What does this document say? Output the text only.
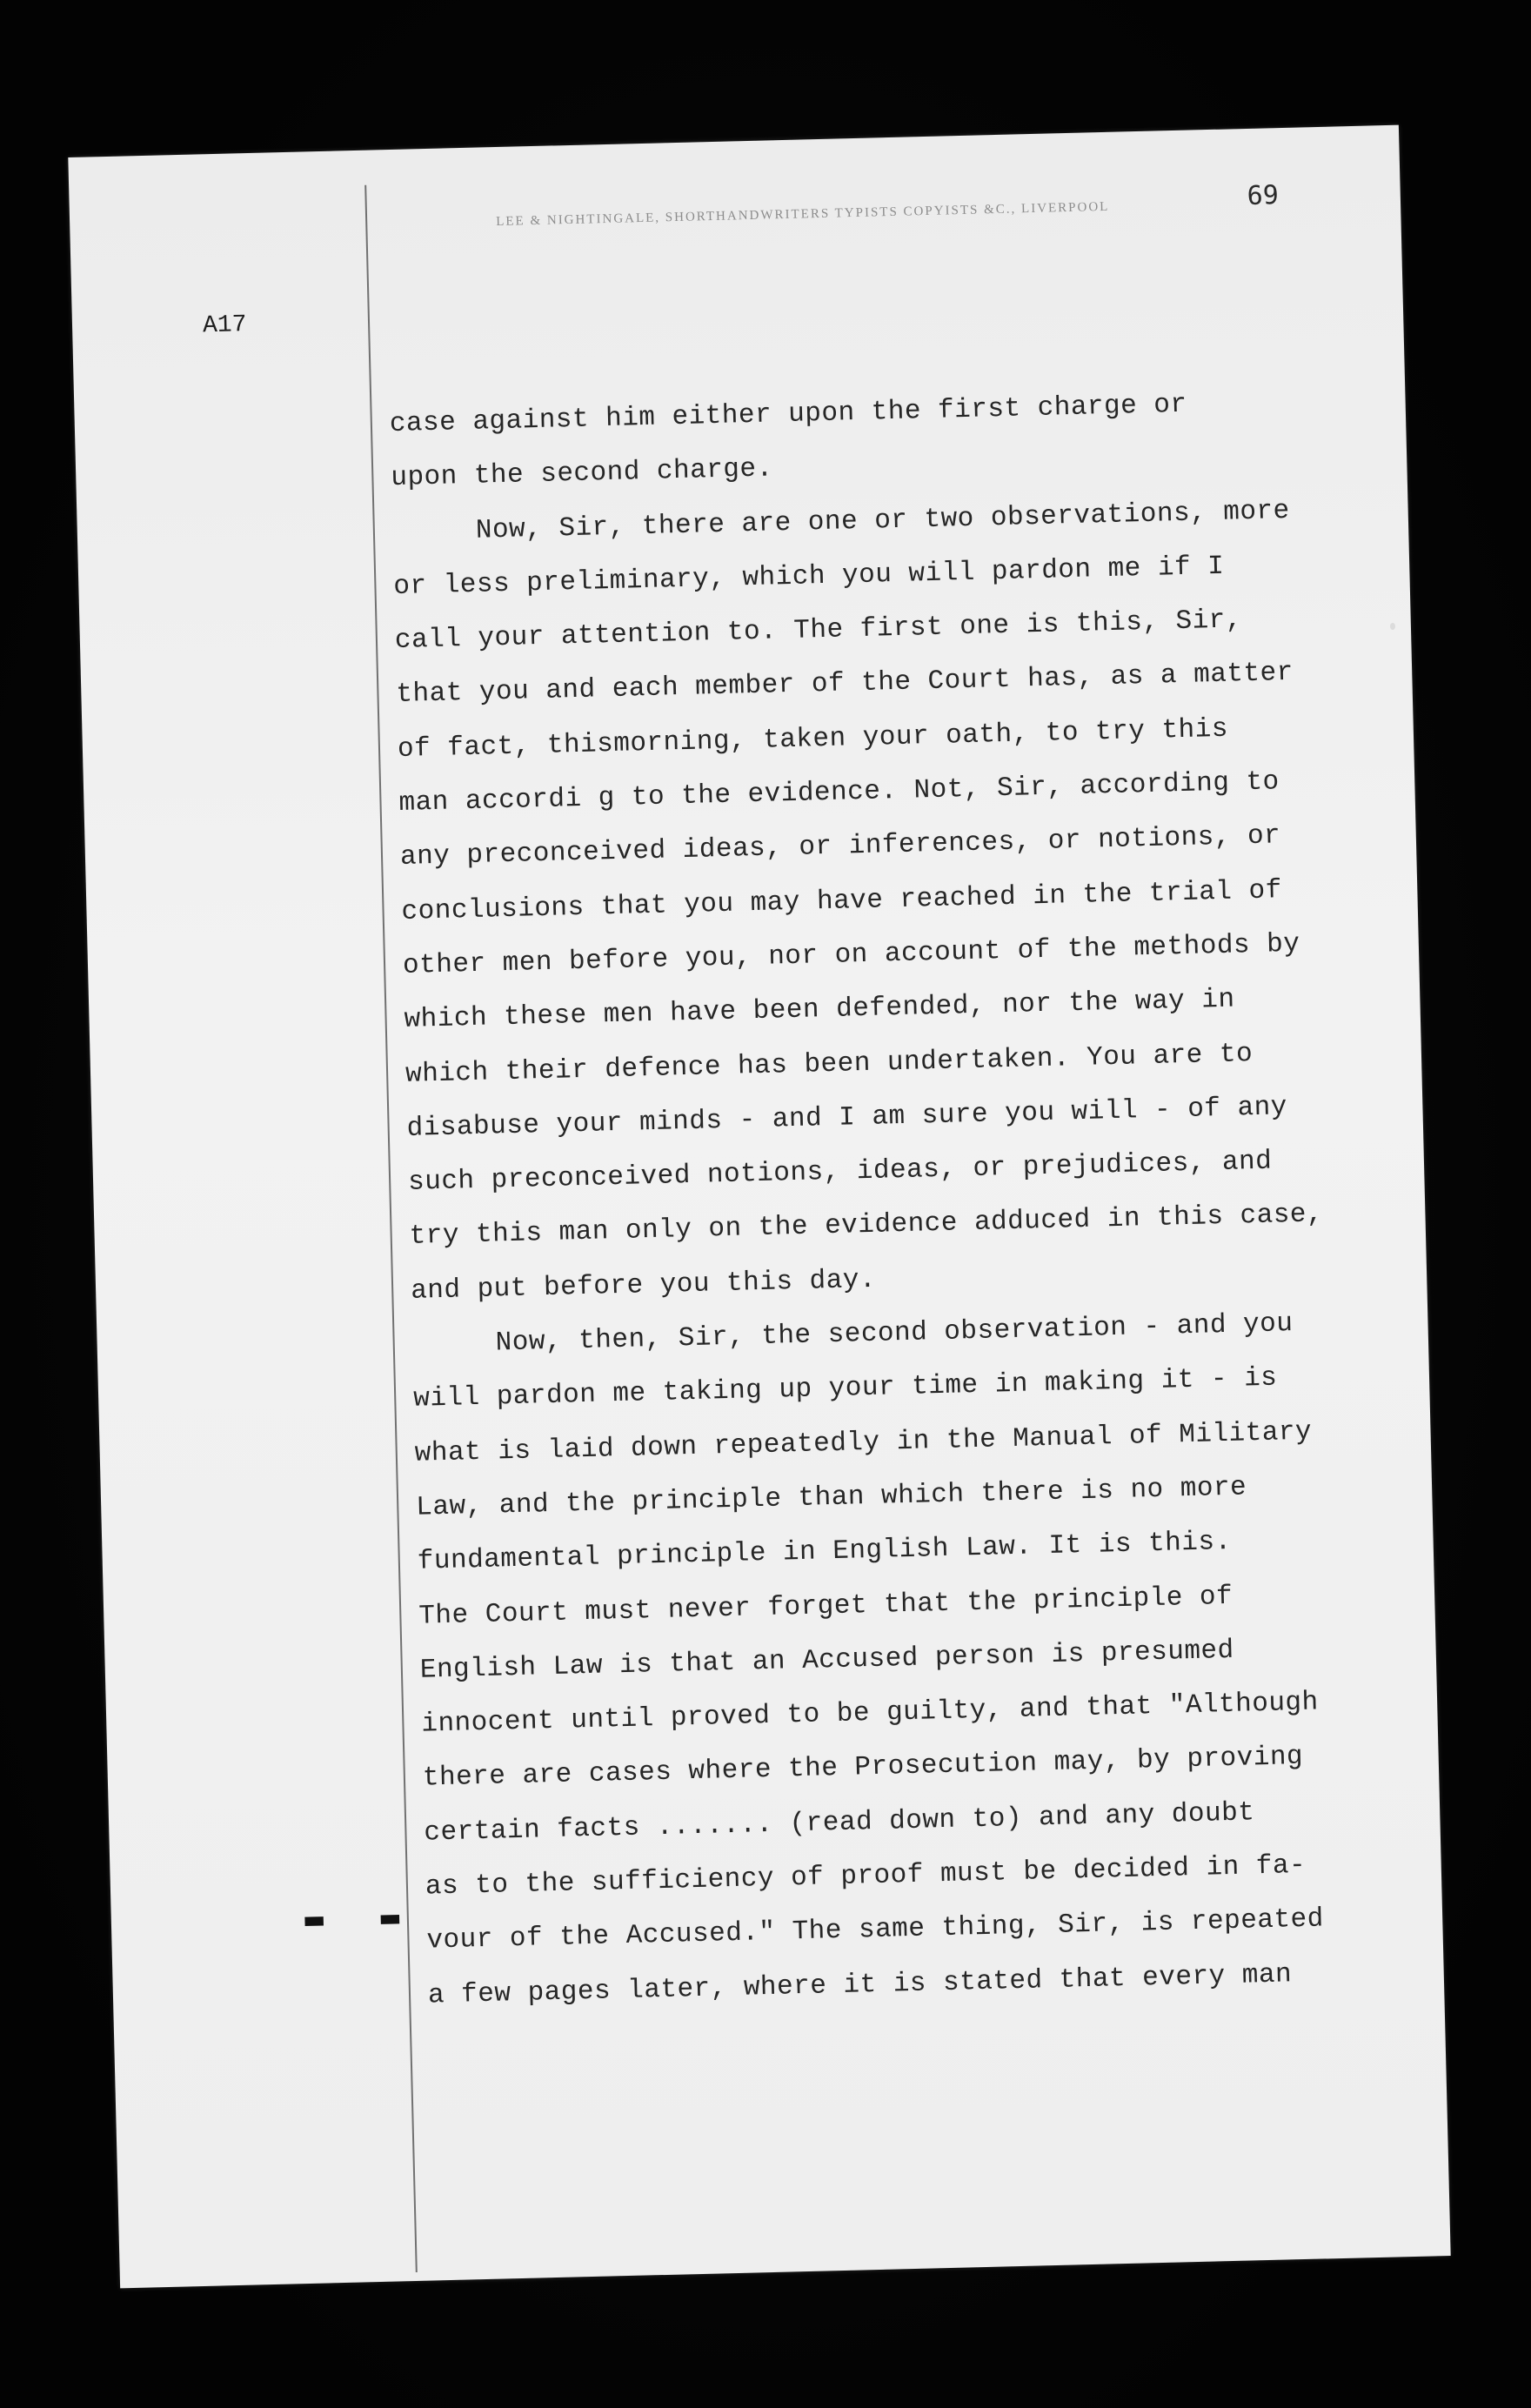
LEE & NIGHTINGALE, SHORTHANDWRITERS TYPISTS COPYISTS &C., LIVERPOOL
69
A17
case against him either upon the first charge or
upon the second charge.
Now, Sir, there are one or two observations, more
or less preliminary, which you will pardon me if I
call your attention to. The first one is this, Sir,
that you and each member of the Court has, as a matter
of fact, thismorning, taken your oath, to try this
man accordi g to the evidence. Not, Sir, according to
any preconceived ideas, or inferences, or notions, or
conclusions that you may have reached in the trial of
other men before you, nor on account of the methods by
which these men have been defended, nor the way in
which their defence has been undertaken. You are to
disabuse your minds - and I am sure you will - of any
such preconceived notions, ideas, or prejudices, and
try this man only on the evidence adduced in this case,
and put before you this day.
Now, then, Sir, the second observation - and you
will pardon me taking up your time in making it - is
what is laid down repeatedly in the Manual of Military
Law, and the principle than which there is no more
fundamental principle in English Law. It is this.
The Court must never forget that the principle of
English Law is that an Accused person is presumed
innocent until proved to be guilty, and that "Although
there are cases where the Prosecution may, by proving
certain facts ....... (read down to) and any doubt
as to the sufficiency of proof must be decided in fa-
vour of the Accused." The same thing, Sir, is repeated
a few pages later, where it is stated that every man
▬ ▬
